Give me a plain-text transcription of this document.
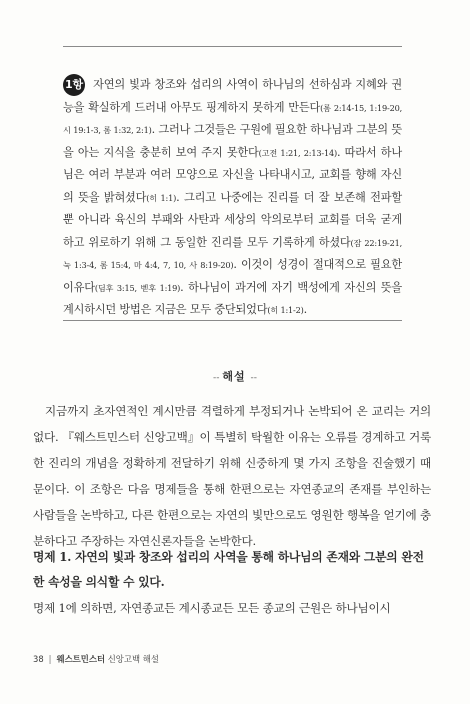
1항 자연의 빛과 창조와 섭리의 사역이 하나님의 선하심과 지혜와 권능을 확실하게 드러내 아무도 핑계하지 못하게 만든다(롬 2:14-15, 1:19-20, 시 19:1-3, 롬 1:32, 2:1). 그러나 그것들은 구원에 필요한 하나님과 그분의 뜻을 아는 지식을 충분히 보여 주지 못한다(고전 1:21, 2:13-14). 따라서 하나님은 여러 부분과 여러 모양으로 자신을 나타내시고, 교회를 향해 자신의 뜻을 밝혀셨다(히 1:1). 그리고 나중에는 진리를 더 잘 보존해 전파할 뿐 아니라 육신의 부패와 사탄과 세상의 악의로부터 교회를 더욱 굳게 하고 위로하기 위해 그 동일한 진리를 모두 기록하게 하셨다(잠 22:19-21, 눅 1:3-4, 롬 15:4, 마 4:4, 7, 10, 사 8:19-20). 이것이 성경이 절대적으로 필요한 이유다(딤후 3:15, 벧후 1:19). 하나님이 과거에 자기 백성에게 자신의 뜻을 계시하시던 방법은 지금은 모두 중단되었다(히 1:1-2).
-- 해설 --

지금까지 초자연적인 계시만큼 격렬하게 부정되거나 논박되어 온 교리는 거의 없다. 『웨스트민스터 신앙고백』이 특별히 탁월한 이유는 오류를 경계하고 거룩한 진리의 개념을 정확하게 전달하기 위해 신중하게 몇 가지 조항을 진술했기 때문이다. 이 조항은 다음 명제들을 통해 한편으로는 자연종교의 존재를 부인하는 사람들을 논박하고, 다른 한편으로는 자연의 빛만으로도 영원한 행복을 얻기에 충분하다고 주장하는 자연신론자들을 논박한다.

명제 1. 자연의 빛과 창조와 섭리의 사역을 통해 하나님의 존재와 그분의 완전한 속성을 의식할 수 있다.

명제 1에 의하면, 자연종교든 계시종교든 모든 종교의 근원은 하나님이시

38 | 웨스트민스터 신앙고백 해설
